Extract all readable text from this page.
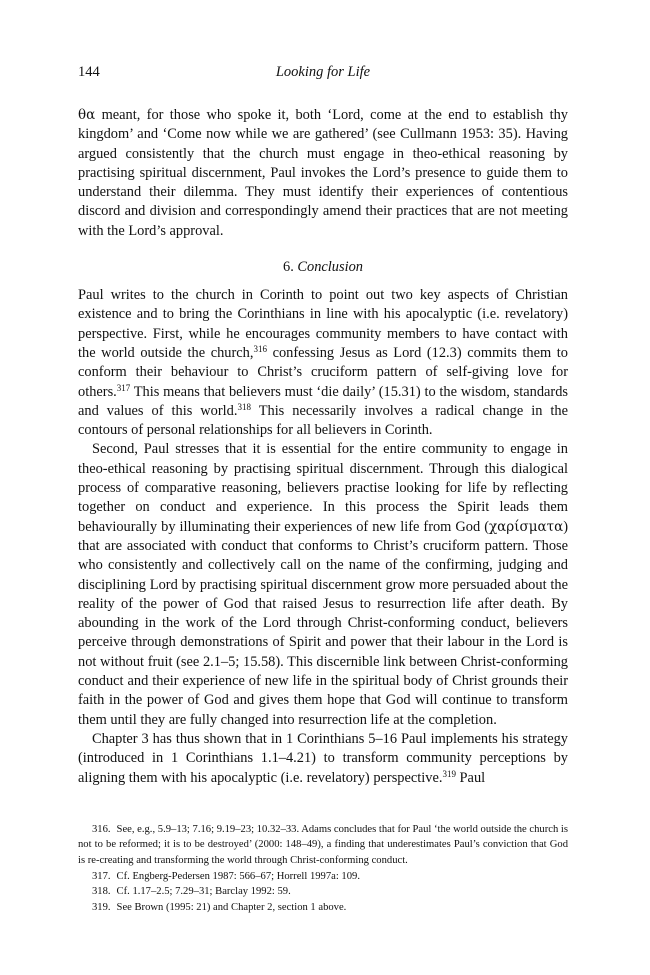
144	Looking for Life

θα meant, for those who spoke it, both ‘Lord, come at the end to establish thy kingdom’ and ‘Come now while we are gathered’ (see Cullmann 1953: 35). Having argued consistently that the church must engage in theo-ethical reasoning by practising spiritual discernment, Paul invokes the Lord’s presence to guide them to understand their dilemma. They must identify their experiences of contentious discord and division and correspondingly amend their practices that are not meeting with the Lord’s approval.

6. Conclusion

Paul writes to the church in Corinth to point out two key aspects of Christian existence and to bring the Corinthians in line with his apocalyptic (i.e. revelatory) perspective. First, while he encourages community members to have contact with the world outside the church,$^{316}$ confessing Jesus as Lord (12.3) commits them to conform their behaviour to Christ’s cruciform pattern of self-giving love for others.$^{317}$ This means that believers must ‘die daily’ (15.31) to the wisdom, standards and values of this world.$^{318}$ This necessarily involves a radical change in the contours of personal relationships for all believers in Corinth.

Second, Paul stresses that it is essential for the entire community to engage in theo-ethical reasoning by practising spiritual discernment. Through this dialogical process of comparative reasoning, believers practise looking for life by reflecting together on conduct and experience. In this process the Spirit leads them behaviourally by illuminating their experiences of new life from God (χαρίσματα) that are associated with conduct that conforms to Christ’s cruciform pattern. Those who consistently and collectively call on the name of the confirming, judging and disciplining Lord by practising spiritual discernment grow more persuaded about the reality of the power of God that raised Jesus to resurrection life after death. By abounding in the work of the Lord through Christ-conforming conduct, believers perceive through demonstrations of Spirit and power that their labour in the Lord is not without fruit (see 2.1–5; 15.58). This discernible link between Christ-conforming conduct and their experience of new life in the spiritual body of Christ grounds their faith in the power of God and gives them hope that God will continue to transform them until they are fully changed into resurrection life at the completion.

Chapter 3 has thus shown that in 1 Corinthians 5–16 Paul implements his strategy (introduced in 1 Corinthians 1.1–4.21) to transform community perceptions by aligning them with his apocalyptic (i.e. revelatory) perspective.$^{319}$ Paul

316. See, e.g., 5.9–13; 7.16; 9.19–23; 10.32–33. Adams concludes that for Paul ‘the world outside the church is not to be reformed; it is to be destroyed’ (2000: 148–49), a finding that underestimates Paul’s conviction that God is re-creating and transforming the world through Christ-conforming conduct.

317. Cf. Engberg-Pedersen 1987: 566–67; Horrell 1997a: 109.

318. Cf. 1.17–2.5; 7.29–31; Barclay 1992: 59.

319. See Brown (1995: 21) and Chapter 2, section 1 above.
